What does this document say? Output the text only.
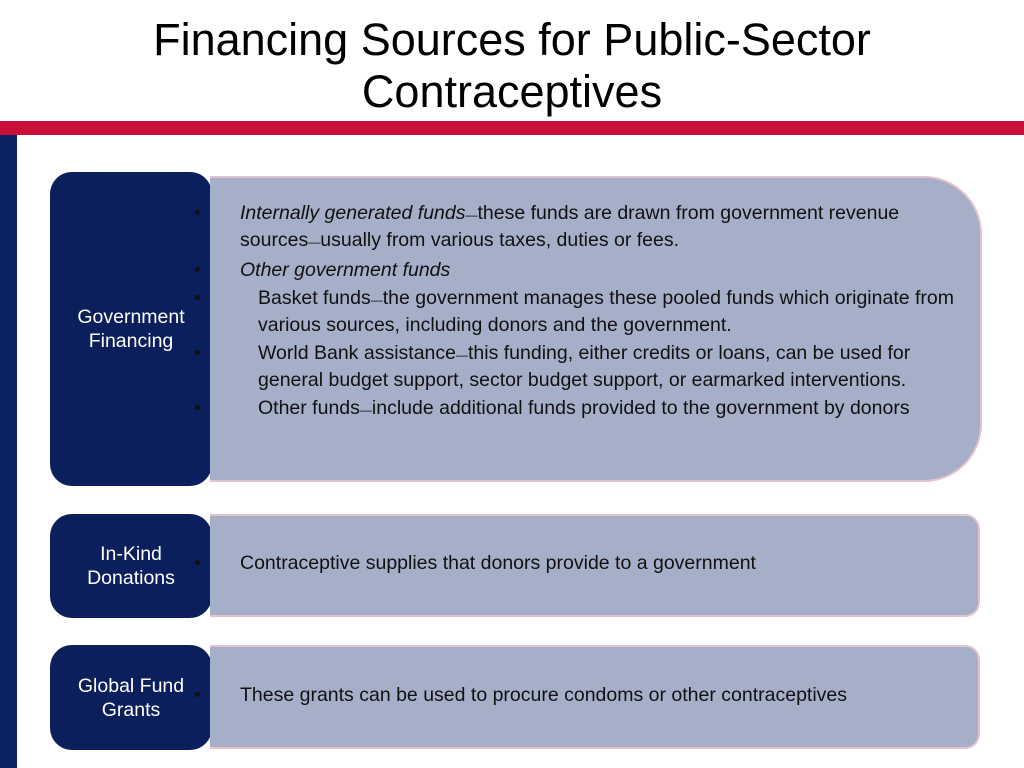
Financing Sources for Public-Sector
Contraceptives
Government
Financing
• Internally generated funds—these funds are drawn from government revenue sources—usually from various taxes, duties or fees.
• Other government funds
• Basket funds—the government manages these pooled funds which originate from various sources, including donors and the government.
• World Bank assistance—this funding, either credits or loans, can be used for general budget support, sector budget support, or earmarked interventions.
• Other funds—include additional funds provided to the government by donors
In-Kind
Donations
• Contraceptive supplies that donors provide to a government
Global Fund
Grants
• These grants can be used to procure condoms or other contraceptives
